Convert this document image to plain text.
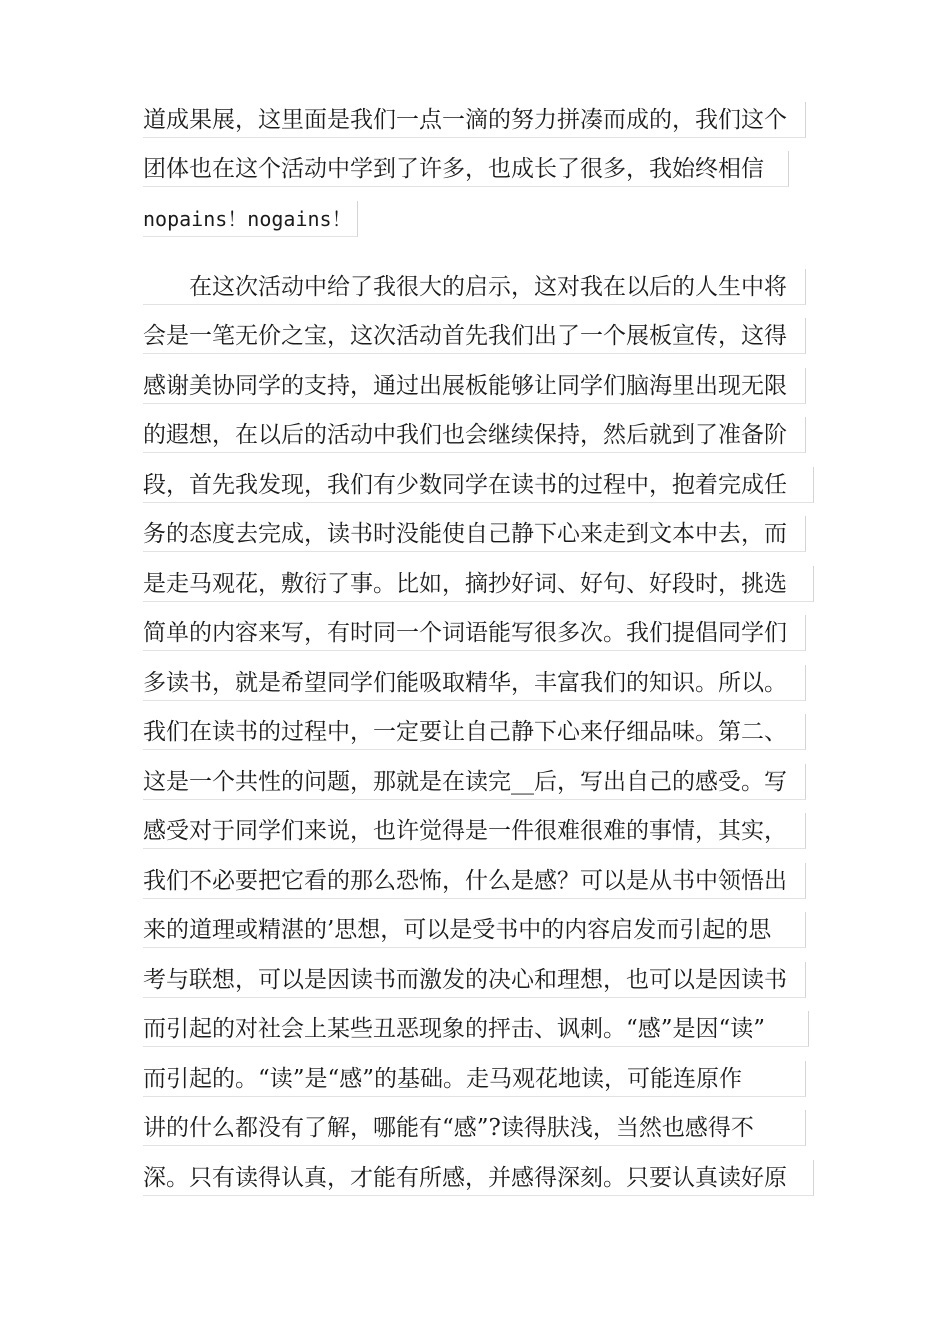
道成果展，这里面是我们一点一滴的努力拼凑而成的，我们这个
团体也在这个活动中学到了许多，也成长了很多，我始终相信
nopains！nogains！
在这次活动中给了我很大的启示，这对我在以后的人生中将
会是一笔无价之宝，这次活动首先我们出了一个展板宣传，这得
感谢美协同学的支持，通过出展板能够让同学们脑海里出现无限
的遐想，在以后的活动中我们也会继续保持，然后就到了准备阶
段，首先我发现，我们有少数同学在读书的过程中，抱着完成任
务的态度去完成，读书时没能使自己静下心来走到文本中去，而
是走马观花，敷衍了事。比如，摘抄好词、好句、好段时，挑选
简单的内容来写，有时同一个词语能写很多次。我们提倡同学们
多读书，就是希望同学们能吸取精华，丰富我们的知识。所以。
我们在读书的过程中，一定要让自己静下心来仔细品味。第二、
这是一个共性的问题，那就是在读完__后，写出自己的感受。写
感受对于同学们来说，也许觉得是一件很难很难的事情，其实，
我们不必要把它看的那么恐怖，什么是感？可以是从书中领悟出
来的道理或精湛的’思想，可以是受书中的内容启发而引起的思
考与联想，可以是因读书而激发的决心和理想，也可以是因读书
而引起的对社会上某些丑恶现象的抨击、讽刺。“感”是因“读”
而引起的。“读”是“感”的基础。走马观花地读，可能连原作
讲的什么都没有了解，哪能有“感”?读得肤浅，当然也感得不
深。只有读得认真，才能有所感，并感得深刻。只要认真读好原
